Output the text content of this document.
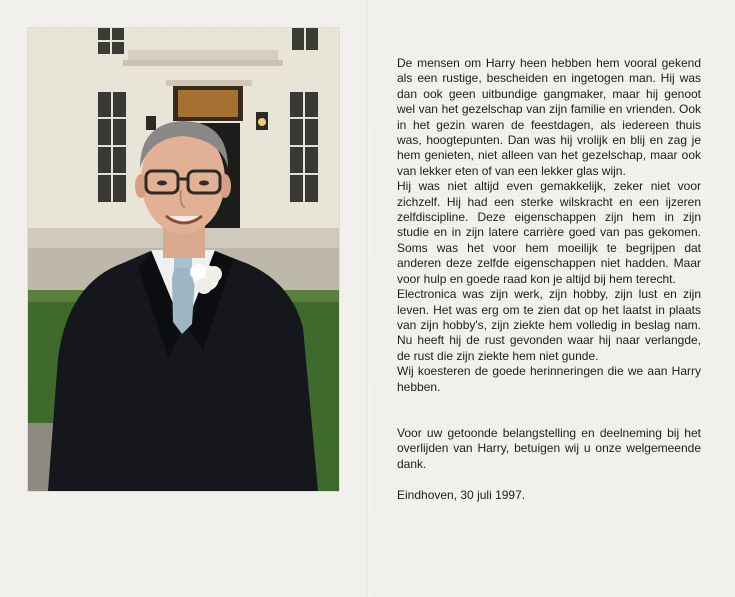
De mensen om Harry heen hebben hem vooral gekend als een rustige, bescheiden en ingetogen man. Hij was dan ook geen uitbundige gangmaker, maar hij genoot wel van het gezelschap van zijn familie en vrienden. Ook in het gezin waren de feestdagen, als iedereen thuis was, hoogtepunten. Dan was hij vrolijk en blij en zag je hem genieten, niet alleen van het gezelschap, maar ook van lekker eten of van een lekker glas wijn.

Hij was niet altijd even gemakkelijk, zeker niet voor zichzelf. Hij had een sterke wilskracht en een ijzeren zelfdiscipline. Deze eigenschappen zijn hem in zijn studie en in zijn latere carrière goed van pas gekomen. Soms was het voor hem moeilijk te begrijpen dat anderen deze zelfde eigenschappen niet hadden. Maar voor hulp en goede raad kon je altijd bij hem terecht.

Electronica was zijn werk, zijn hobby, zijn lust en zijn leven. Het was erg om te zien dat op het laatst in plaats van zijn hobby's, zijn ziekte hem volledig in beslag nam. Nu heeft hij de rust gevonden waar hij naar verlangde, de rust die zijn ziekte hem niet gunde.

Wij koesteren de goede herinneringen die we aan Harry hebben.

Voor uw getoonde belangstelling en deelneming bij het overlijden van Harry, betuigen wij u onze welgemeende dank.

Eindhoven, 30 juli 1997.
